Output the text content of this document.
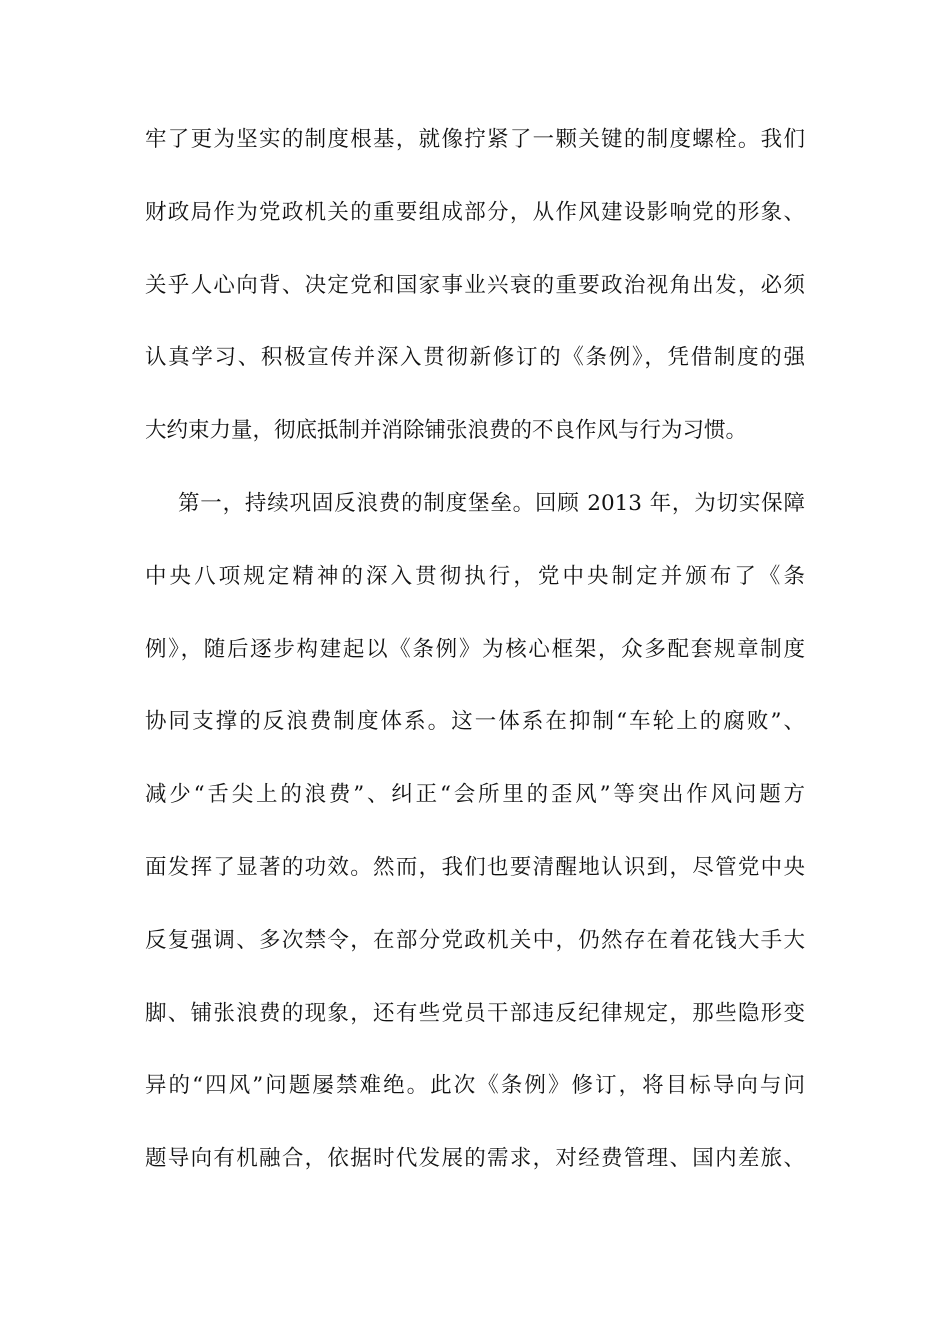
牢了更为坚实的制度根基，就像拧紧了一颗关键的制度螺栓。我们
财政局作为党政机关的重要组成部分，从作风建设影响党的形象、
关乎人心向背、决定党和国家事业兴衰的重要政治视角出发，必须
认真学习、积极宣传并深入贯彻新修订的《条例》，凭借制度的强
大约束力量，彻底抵制并消除铺张浪费的不良作风与行为习惯。
第一，持续巩固反浪费的制度堡垒。回顾 2013 年，为切实保障
中央八项规定精神的深入贯彻执行，党中央制定并颁布了《条
例》，随后逐步构建起以《条例》为核心框架，众多配套规章制度
协同支撑的反浪费制度体系。这一体系在抑制“车轮上的腐败”、
减少“舌尖上的浪费”、纠正“会所里的歪风”等突出作风问题方
面发挥了显著的功效。然而，我们也要清醒地认识到，尽管党中央
反复强调、多次禁令，在部分党政机关中，仍然存在着花钱大手大
脚、铺张浪费的现象，还有些党员干部违反纪律规定，那些隐形变
异的“四风”问题屡禁难绝。此次《条例》修订，将目标导向与问
题导向有机融合，依据时代发展的需求，对经费管理、国内差旅、
